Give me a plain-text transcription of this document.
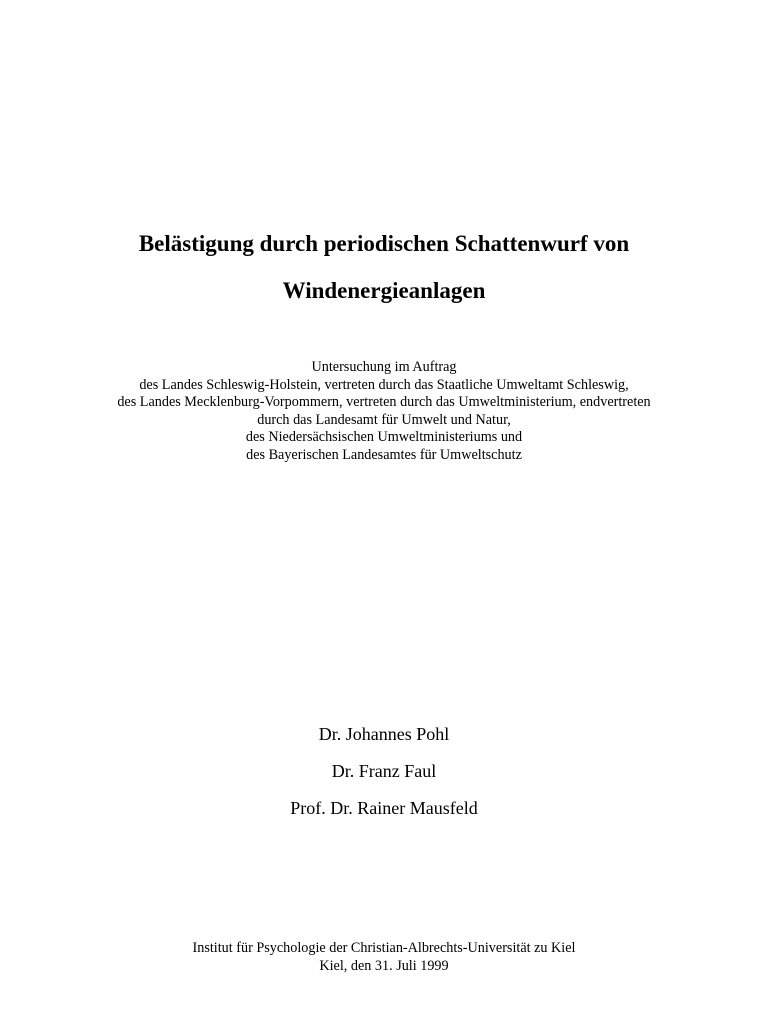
Belästigung durch periodischen Schattenwurf von
Windenergieanlagen
Untersuchung im Auftrag
des Landes Schleswig-Holstein, vertreten durch das Staatliche Umweltamt Schleswig,
des Landes Mecklenburg-Vorpommern, vertreten durch das Umweltministerium, endvertreten
durch das Landesamt für Umwelt und Natur,
des Niedersächsischen Umweltministeriums und
des Bayerischen Landesamtes für Umweltschutz
Dr. Johannes Pohl
Dr. Franz Faul
Prof. Dr. Rainer Mausfeld
Institut für Psychologie der Christian-Albrechts-Universität zu Kiel
Kiel, den 31. Juli 1999
